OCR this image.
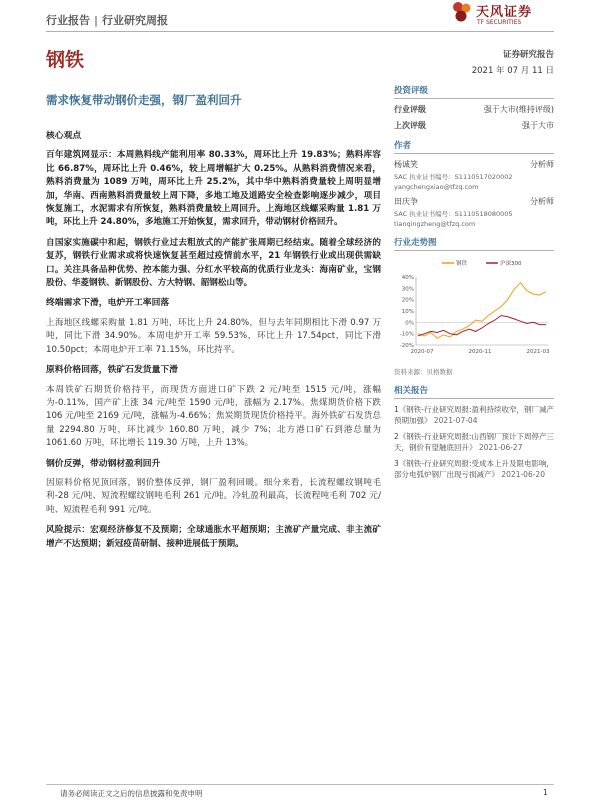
行业报告 | 行业研究周报
天风证券
TF SECURITIES
钢铁
需求恢复带动钢价走强，钢厂盈利回升
核心观点
百年建筑网显示：本周熟料线产能利用率 80.33%，周环比上升 19.83%；熟料库容比 66.87%，周环比上升 0.46%，较上周增幅扩大 0.25%。从熟料消费情况来看，熟料消费量为 1089 万吨，周环比上升 25.2%，其中华中熟料消费量较上周明显增加，华南、西南熟料消费量较上周下降，多地工地及道路安全检查影响逐步减少，项目恢复施工，水泥需求有所恢复，熟料消费量较上周回升。上海地区线螺采购量 1.81 万吨，环比上升 24.80%，多地施工开始恢复，需求回升，带动钢材价格回升。
自国家实施碳中和起，钢铁行业过去粗放式的产能扩张周期已经结束。随着全球经济的复苏，钢铁行业需求或将快速恢复甚至超过疫情前水平，21 年钢铁行业或出现供需缺口。关注具备品种优势、控本能力强、分红水平较高的优质行业龙头：海南矿业，宝钢股份、华菱钢铁、新钢股份、方大特钢、韶钢松山等。
终端需求下滑，电炉开工率回落
上海地区线螺采购量 1.81 万吨，环比上升 24.80%，但与去年同期相比下滑 0.97 万吨，同比下滑 34.90%。本周电炉开工率 59.53%，环比上升 17.54pct，同比下滑 10.50pct；本周电炉开工率 71.15%，环比持平。
原料价格回落，铁矿石发货量下滑
本周铁矿石期货价格持平，而现货方面进口矿下跌 2 元/吨至 1515 元/吨，涨幅为-0.11%，国产矿上涨 34 元/吨至 1590 元/吨，涨幅为 2.17%。焦煤期货价格下跌 106 元/吨至 2169 元/吨，涨幅为-4.66%；焦炭期货现货价格持平。海外铁矿石发货总量 2294.80 万吨，环比减少 160.80 万吨，减少 7%；北方港口矿石到港总量为 1061.60 万吨，环比增长 119.30 万吨，上升 13%。
钢价反弹，带动钢材盈利回升
因原料价格见顶回落，钢价整体反弹，钢厂盈利回暖。细分来看，长流程螺纹钢吨毛利-28 元/吨、短流程螺纹钢吨毛利 261 元/吨。冷轧盈利最高，长流程吨毛利 702 元/吨、短流程毛利 991 元/吨。
风险提示：宏观经济修复不及预期；全球通胀水平超预期；主流矿产量完成、非主流矿增产不达预期；新冠疫苗研制、接种进展低于预期。
证券研究报告
2021 年 07 月 11 日
投资评级
行业评级	强于大市(维持评级)
上次评级	强于大市
作者
杨诚笑	分析师
SAC 执业证书编号：S1110517020002
yangchengxiao@tfzq.com
田庆争	分析师
SAC 执业证书编号：S1110518080005
tianqingzheng@tfzq.com
行业走势图
40%
30%
20%
10%
0%
-10%
-20%
2020-07	2020-11	2021-03
钢铁	沪深300
资料来源：贝格数据
相关报告
1《钢铁-行业研究周报:盈利持续收窄，钢厂减产预期加强》 2021-07-04
2《钢铁-行业研究周报:山西钢厂预计下周停产三天，钢价有望触底回升》 2021-06-27
3《钢铁-行业研究周报:受成本上升及限电影响，部分电弧炉钢厂出现亏损减产》 2021-06-20
请务必阅读正文之后的信息披露和免责申明	1
